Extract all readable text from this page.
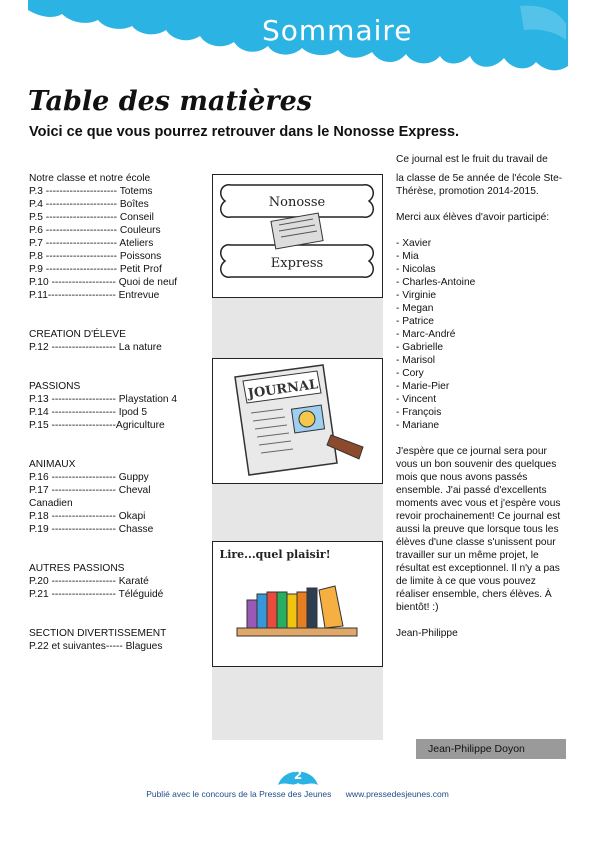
Sommaire
Table des matières

Voici ce que vous pourrez retrouver dans le Nonosse Express.

Notre classe et notre école
P.3 --------------------- Totems
P.4 --------------------- Boîtes
P.5 --------------------- Conseil
P.6 --------------------- Couleurs
P.7 --------------------- Ateliers
P.8 --------------------- Poissons
P.9 --------------------- Petit Prof
P.10 ------------------- Quoi de neuf
P.11-------------------- Entrevue
CREATION D'ÉLEVE
P.12 ------------------- La nature
PASSIONS
P.13 ------------------- Playstation 4
P.14 ------------------- Ipod 5
P.15 -------------------Agriculture
ANIMAUX
P.16 ------------------- Guppy
P.17 ------------------- Cheval
Canadien
P.18 ------------------- Okapi
P.19 ------------------- Chasse
AUTRES PASSIONS
P.20 ------------------- Karaté
P.21 ------------------- Téléguidé
SECTION DIVERTISSEMENT
P.22 et suivantes----- Blagues
Nonosse
Express
JOURNAL
Lire...quel plaisir!

Ce journal est le fruit du travail de

la classe de 5e année de l'école Ste-Thérèse, promotion 2014-2015.

Merci aux élèves d'avoir participé:

- Xavier
- Mia
- Nicolas
- Charles-Antoine
- Virginie
- Megan
- Patrice
- Marc-André
- Gabrielle
- Marisol
- Cory
- Marie-Pier
- Vincent
- François
- Mariane

J'espère que ce journal sera pour vous un bon souvenir des quelques mois que nous avons passés ensemble. J'ai passé d'excellents moments avec vous et j'espère vous revoir prochainement! Ce journal est aussi la preuve que lorsque tous les élèves d'une classe s'unissent pour travailler sur un même projet, le résultat est exceptionnel. Il n'y a pas de limite à ce que vous pouvez réaliser ensemble, chers élèves. À bientôt! :)

Jean-Philippe

Jean-Philippe Doyon
2
Publié avec le concours de la Presse des Jeunes www.pressedesjeunes.com
